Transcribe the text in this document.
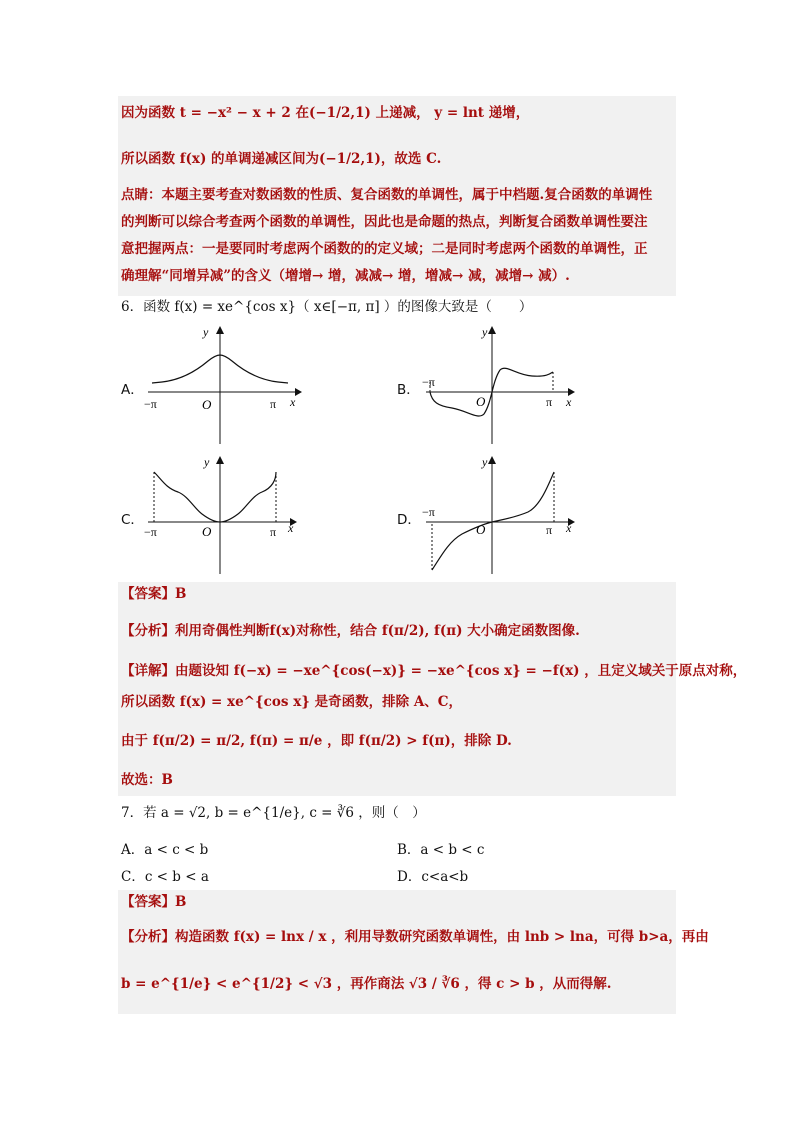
因为函数 t = −x² − x + 2 在(−1/2,1) 上递减， y = lnt 递增，
所以函数 f(x) 的单调递减区间为(−1/2,1)，故选 C.
点睛：本题主要考查对数函数的性质、复合函数的单调性，属于中档题.复合函数的单调性
的判断可以综合考查两个函数的单调性，因此也是命题的热点，判断复合函数单调性要注
意把握两点：一是要同时考虑两个函数的的定义域；二是同时考虑两个函数的单调性，正
确理解“同增异减”的含义（增增→ 增，减减→ 增，增减→ 减，减增→ 减）.
6．函数 f(x) = xe^{cos x}（ x∈[−π, π] ）的图像大致是（　　）
A．	B．
C．	D．
y
x
O
−π	π
y
x
O
−π
π
y
x
O
−π	π
y
x
O
−π
π
【答案】B
【分析】利用奇偶性判断f(x)对称性，结合 f(π/2), f(π) 大小确定函数图像.
【详解】由题设知 f(−x) = −xe^{cos(−x)} = −xe^{cos x} = −f(x) ，且定义域关于原点对称，
所以函数 f(x) = xe^{cos x} 是奇函数，排除 A、C，
由于 f(π/2) = π/2, f(π) = π/e ，即 f(π/2) > f(π)，排除 D.
故选：B
7．若 a = √2, b = e^{1/e}, c = ∛6 ，则（　）
A．a < c < b	B．a < b < c
C．c < b < a	D．c<a<b
【答案】B
【分析】构造函数 f(x) = lnx / x ，利用导数研究函数单调性，由 lnb > lna，可得 b>a，再由
b = e^{1/e} < e^{1/2} < √3 ，再作商法 √3 / ∛6 ，得 c > b ，从而得解.
